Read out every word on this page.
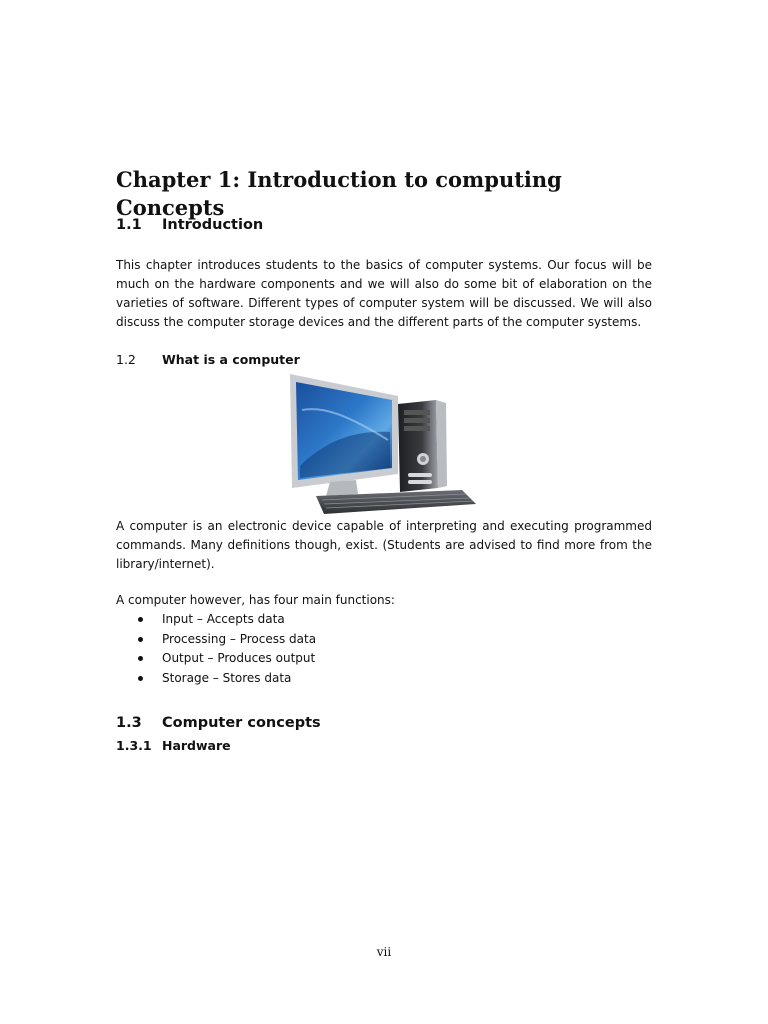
Chapter 1: Introduction to computing Concepts
1.1 Introduction

This chapter introduces students to the basics of computer systems. Our focus will be much on the hardware components and we will also do some bit of elaboration on the varieties of software. Different types of computer system will be discussed. We will also discuss the computer storage devices and the different parts of the computer systems.

1.2 What is a computer

A computer is an electronic device capable of interpreting and executing programmed commands. Many definitions though, exist. (Students are advised to find more from the library/internet).

A computer however, has four main functions:

Input – Accepts data
Processing – Process data
Output – Produces output
Storage – Stores data
1.3 Computer concepts
1.3.1 Hardware
vii
